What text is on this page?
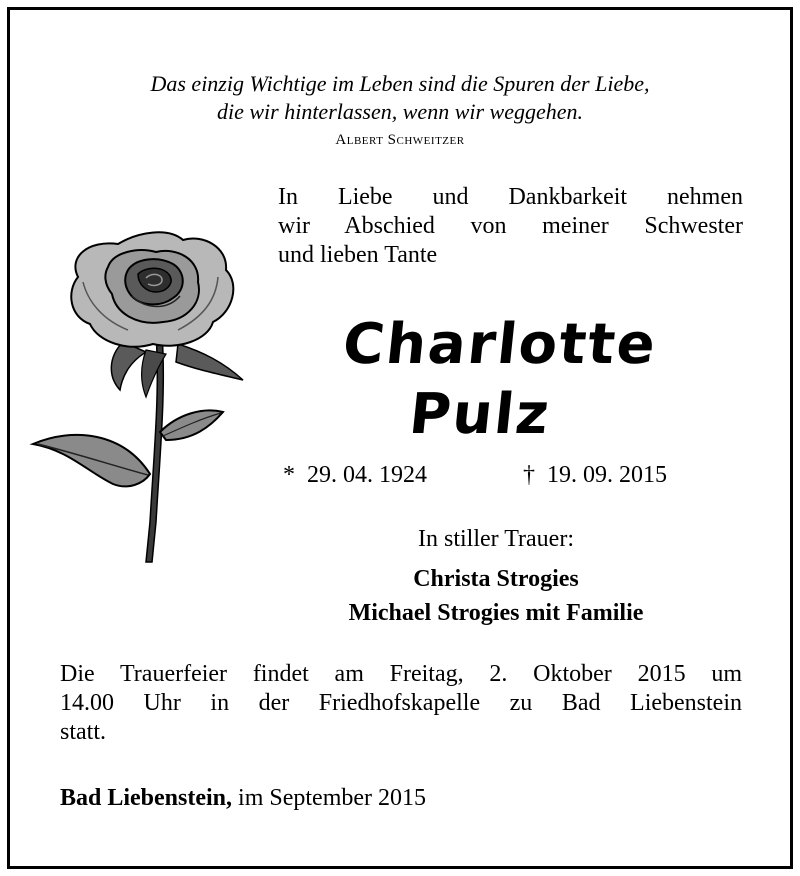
Das einzig Wichtige im Leben sind die Spuren der Liebe,
die wir hinterlassen, wenn wir weggehen.
Albert Schweitzer
In Liebe und Dankbarkeit nehmen
wir Abschied von meiner Schwester
und lieben Tante
Charlotte
Pulz
* 29. 04. 1924	† 19. 09. 2015
In stiller Trauer:
Christa Strogies
Michael Strogies mit Familie
Die Trauerfeier findet am Freitag, 2. Oktober 2015 um
14.00 Uhr in der Friedhofskapelle zu Bad Liebenstein
statt.
Bad Liebenstein, im September 2015
